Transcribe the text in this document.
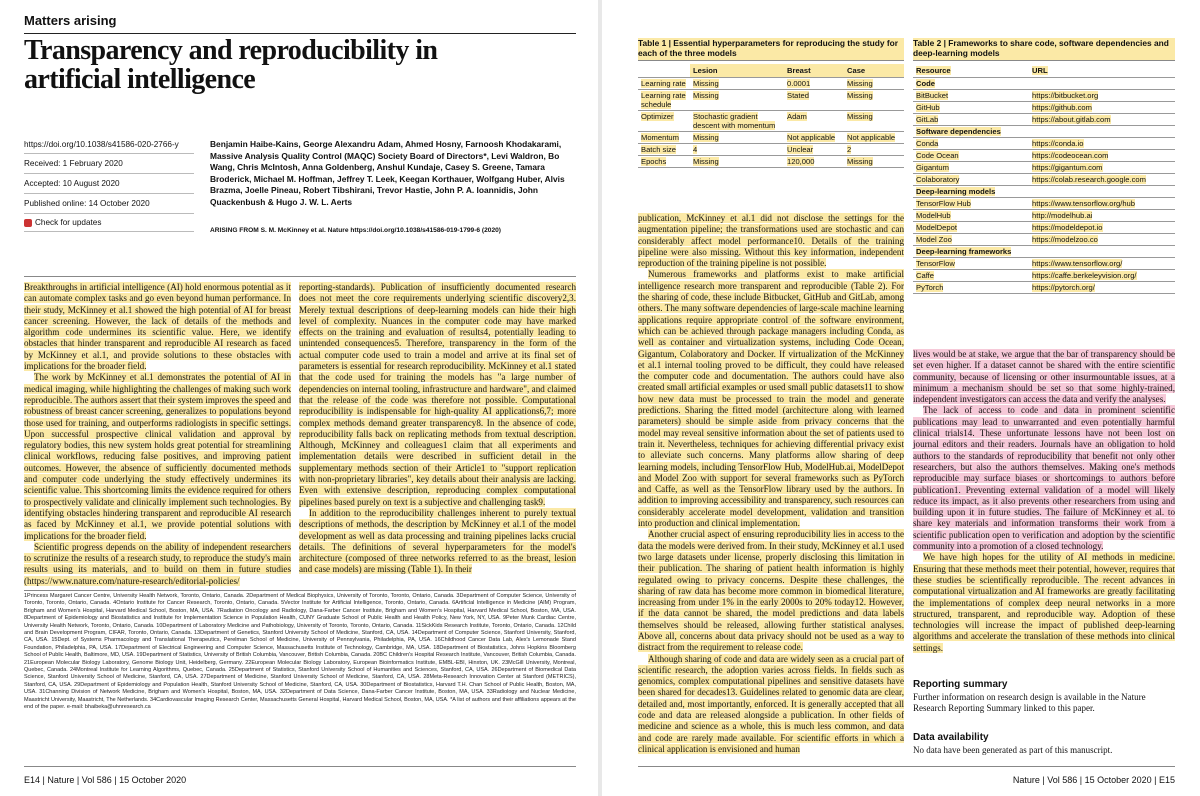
Matters arising
Transparency and reproducibility in artificial intelligence
https://doi.org/10.1038/s41586-020-2766-y
Received: 1 February 2020
Accepted: 10 August 2020
Published online: 14 October 2020
Check for updates
Benjamin Haibe-Kains, George Alexandru Adam, Ahmed Hosny, Farnoosh Khodakarami, Massive Analysis Quality Control (MAQC) Society Board of Directors*, Levi Waldron, Bo Wang, Chris McIntosh, Anna Goldenberg, Anshul Kundaje, Casey S. Greene, Tamara Broderick, Michael M. Hoffman, Jeffrey T. Leek, Keegan Korthauer, Wolfgang Huber, Alvis Brazma, Joelle Pineau, Robert Tibshirani, Trevor Hastie, John P. A. Ioannidis, John Quackenbush & Hugo J. W. L. Aerts
ARISING FROM S. M. McKinney et al. Nature https://doi.org/10.1038/s41586-019-1799-6 (2020)

Breakthroughs in artificial intelligence (AI) hold enormous potential as it can automate complex tasks and go even beyond human performance. In their study, McKinney et al.1 showed the high potential of AI for breast cancer screening. However, the lack of details of the methods and algorithm code undermines its scientific value. Here, we identify obstacles that hinder transparent and reproducible AI research as faced by McKinney et al.1, and provide solutions to these obstacles with implications for the broader field.

The work by McKinney et al.1 demonstrates the potential of AI in medical imaging, while highlighting the challenges of making such work reproducible. The authors assert that their system improves the speed and robustness of breast cancer screening, generalizes to populations beyond those used for training, and outperforms radiologists in specific settings. Upon successful prospective clinical validation and approval by regulatory bodies, this new system holds great potential for streamlining clinical workflows, reducing false positives, and improving patient outcomes. However, the absence of sufficiently documented methods and computer code underlying the study effectively undermines its scientific value. This shortcoming limits the evidence required for others to prospectively validate and clinically implement such technologies. By identifying obstacles hindering transparent and reproducible AI research as faced by McKinney et al.1, we provide potential solutions with implications for the broader field.

Scientific progress depends on the ability of independent researchers to scrutinize the results of a research study, to reproduce the study's main results using its materials, and to build on them in future studies (https://www.nature.com/nature-research/editorial-policies/

reporting-standards). Publication of insufficiently documented research does not meet the core requirements underlying scientific discovery2,3. Merely textual descriptions of deep-learning models can hide their high level of complexity. Nuances in the computer code may have marked effects on the training and evaluation of results4, potentially leading to unintended consequences5. Therefore, transparency in the form of the actual computer code used to train a model and arrive at its final set of parameters is essential for research reproducibility. McKinney et al.1 stated that the code used for training the models has "a large number of dependencies on internal tooling, infrastructure and hardware", and claimed that the release of the code was therefore not possible. Computational reproducibility is indispensable for high-quality AI applications6,7; more complex methods demand greater transparency8. In the absence of code, reproducibility falls back on replicating methods from textual description. Although, McKinney and colleagues1 claim that all experiments and implementation details were described in sufficient detail in the supplementary methods section of their Article1 to "support replication with non-proprietary libraries", key details about their analysis are lacking. Even with extensive description, reproducing complex computational pipelines based purely on text is a subjective and challenging task9.

In addition to the reproducibility challenges inherent to purely textual descriptions of methods, the description by McKinney et al.1 of the model development as well as data processing and training pipelines lacks crucial details. The definitions of several hyperparameters for the model's architecture (composed of three networks referred to as the breast, lesion and case models) are missing (Table 1). In their

1Princess Margaret Cancer Centre, University Health Network, Toronto, Ontario, Canada. 2Department of Medical Biophysics, University of Toronto, Toronto, Ontario, Canada. 3Department of Computer Science, University of Toronto, Toronto, Ontario, Canada. 4Ontario Institute for Cancer Research, Toronto, Ontario, Canada. 5Vector Institute for Artificial Intelligence, Toronto, Ontario, Canada. 6Artificial Intelligence in Medicine (AIM) Program, Brigham and Women's Hospital, Harvard Medical School, Boston, MA, USA. 7Radiation Oncology and Radiology, Dana-Farber Cancer Institute, Brigham and Women's Hospital, Harvard Medical School, Boston, MA, USA. 8Department of Epidemiology and Biostatistics and Institute for Implementation Science in Population Health, CUNY Graduate School of Public Health and Health Policy, New York, NY, USA. 9Peter Munk Cardiac Centre, University Health Network, Toronto, Ontario, Canada. 10Department of Laboratory Medicine and Pathobiology, University of Toronto, Toronto, Ontario, Canada. 11SickKids Research Institute, Toronto, Ontario, Canada. 12Child and Brain Development Program, CIFAR, Toronto, Ontario, Canada. 13Department of Genetics, Stanford University School of Medicine, Stanford, CA, USA. 14Department of Computer Science, Stanford University, Stanford, CA, USA. 15Dept. of Systems Pharmacology and Translational Therapeutics, Perelman School of Medicine, University of Pennsylvania, Philadelphia, PA, USA. 16Childhood Cancer Data Lab, Alex's Lemonade Stand Foundation, Philadelphia, PA, USA. 17Department of Electrical Engineering and Computer Science, Massachusetts Institute of Technology, Cambridge, MA, USA. 18Department of Biostatistics, Johns Hopkins Bloomberg School of Public Health, Baltimore, MD, USA. 19Department of Statistics, University of British Columbia, Vancouver, British Columbia, Canada. 20BC Children's Hospital Research Institute, Vancouver, British Columbia, Canada. 21European Molecular Biology Laboratory, Genome Biology Unit, Heidelberg, Germany. 22European Molecular Biology Laboratory, European Bioinformatics Institute, EMBL-EBI, Hinxton, UK. 23McGill University, Montreal, Quebec, Canada. 24Montreal Institute for Learning Algorithms, Quebec, Canada. 25Department of Statistics, Stanford University School of Humanities and Sciences, Stanford, CA, USA. 26Department of Biomedical Data Science, Stanford University School of Medicine, Stanford, CA, USA. 27Department of Medicine, Stanford University School of Medicine, Stanford, CA, USA. 28Meta-Research Innovation Center at Stanford (METRICS), Stanford, CA, USA. 29Department of Epidemiology and Population Health, Stanford University School of Medicine, Stanford, CA, USA. 30Department of Biostatistics, Harvard T.H. Chan School of Public Health, Boston, MA, USA. 31Channing Division of Network Medicine, Brigham and Women's Hospital, Boston, MA, USA. 32Department of Data Science, Dana-Farber Cancer Institute, Boston, MA, USA. 33Radiology and Nuclear Medicine, Maastricht University, Maastricht, The Netherlands. 34Cardiovascular Imaging Research Center, Massachusetts General Hospital, Harvard Medical School, Boston, MA, USA. *A list of authors and their affiliations appears at the end of the paper. e-mail: bhaibeka@uhnresearch.ca
E14 | Nature | Vol 586 | 15 October 2020
Table 1 | Essential hyperparameters for reproducing the study for each of the three models
	Lesion	Breast	Case
Learning rate	Missing	0.0001	Missing
Learning rate schedule	Missing	Stated	Missing
Optimizer	Stochastic gradient descent with momentum	Adam	Missing
Momentum	Missing	Not applicable	Not applicable
Batch size	4	Unclear	2
Epochs	Missing	120,000	Missing
Table 2 | Frameworks to share code, software dependencies and deep-learning models
Resource	URL
Code	
BitBucket	https://bitbucket.org
GitHub	https://github.com
GitLab	https://about.gitlab.com
Software dependencies	
Conda	https://conda.io
Code Ocean	https://codeocean.com
Gigantum	https://gigantum.com
Colaboratory	https://colab.research.google.com
Deep-learning models	
TensorFlow Hub	https://www.tensorflow.org/hub
ModelHub	http://modelhub.ai
ModelDepot	https://modeldepot.io
Model Zoo	https://modelzoo.co
Deep-learning frameworks	
TensorFlow	https://www.tensorflow.org/
Caffe	https://caffe.berkeleyvision.org/
PyTorch	https://pytorch.org/

publication, McKinney et al.1 did not disclose the settings for the augmentation pipeline; the transformations used are stochastic and can considerably affect model performance10. Details of the training pipeline were also missing. Without this key information, independent reproduction of the training pipeline is not possible.

Numerous frameworks and platforms exist to make artificial intelligence research more transparent and reproducible (Table 2). For the sharing of code, these include Bitbucket, GitHub and GitLab, among others. The many software dependencies of large-scale machine learning applications require appropriate control of the software environment, which can be achieved through package managers including Conda, as well as container and virtualization systems, including Code Ocean, Gigantum, Colaboratory and Docker. If virtualization of the McKinney et al.1 internal tooling proved to be difficult, they could have released the computer code and documentation. The authors could have also created small artificial examples or used small public datasets11 to show how new data must be processed to train the model and generate predictions. Sharing the fitted model (architecture along with learned parameters) should be simple aside from privacy concerns that the model may reveal sensitive information about the set of patients used to train it. Nevertheless, techniques for achieving differential privacy exist to alleviate such concerns. Many platforms allow sharing of deep learning models, including TensorFlow Hub, ModelHub.ai, ModelDepot and Model Zoo with support for several frameworks such as PyTorch and Caffe, as well as the TensorFlow library used by the authors. In addition to improving accessibility and transparency, such resources can considerably accelerate model development, validation and transition into production and clinical implementation.

Another crucial aspect of ensuring reproducibility lies in access to the data the models were derived from. In their study, McKinney et al.1 used two large datasets under license, properly disclosing this limitation in their publication. The sharing of patient health information is highly regulated owing to privacy concerns. Despite these challenges, the sharing of raw data has become more common in biomedical literature, increasing from under 1% in the early 2000s to 20% today12. However, if the data cannot be shared, the model predictions and data labels themselves should be released, allowing further statistical analyses. Above all, concerns about data privacy should not be used as a way to distract from the requirement to release code.

Although sharing of code and data are widely seen as a crucial part of scientific research, the adoption varies across fields. In fields such as genomics, complex computational pipelines and sensitive datasets have been shared for decades13. Guidelines related to genomic data are clear, detailed and, most importantly, enforced. It is generally accepted that all code and data are released alongside a publication. In other fields of medicine and science as a whole, this is much less common, and data and code are rarely made available. For scientific efforts in which a clinical application is envisioned and human

lives would be at stake, we argue that the bar of transparency should be set even higher. If a dataset cannot be shared with the entire scientific community, because of licensing or other insurmountable issues, at a minimum a mechanism should be set so that some highly-trained, independent investigators can access the data and verify the analyses.

The lack of access to code and data in prominent scientific publications may lead to unwarranted and even potentially harmful clinical trials14. These unfortunate lessons have not been lost on journal editors and their readers. Journals have an obligation to hold authors to the standards of reproducibility that benefit not only other researchers, but also the authors themselves. Making one's methods reproducible may surface biases or shortcomings to authors before publication1. Preventing external validation of a model will likely reduce its impact, as it also prevents other researchers from using and building upon it in future studies. The failure of McKinney et al. to share key materials and information transforms their work from a scientific publication open to verification and adoption by the scientific community into a promotion of a closed technology.

We have high hopes for the utility of AI methods in medicine. Ensuring that these methods meet their potential, however, requires that these studies be scientifically reproducible. The recent advances in computational virtualization and AI frameworks are greatly facilitating the implementations of complex deep neural networks in a more structured, transparent, and reproducible way. Adoption of these technologies will increase the impact of published deep-learning algorithms and accelerate the translation of these methods into clinical settings.

Reporting summary
Further information on research design is available in the Nature Research Reporting Summary linked to this paper.
Data availability
No data have been generated as part of this manuscript.
Nature | Vol 586 | 15 October 2020 | E15
